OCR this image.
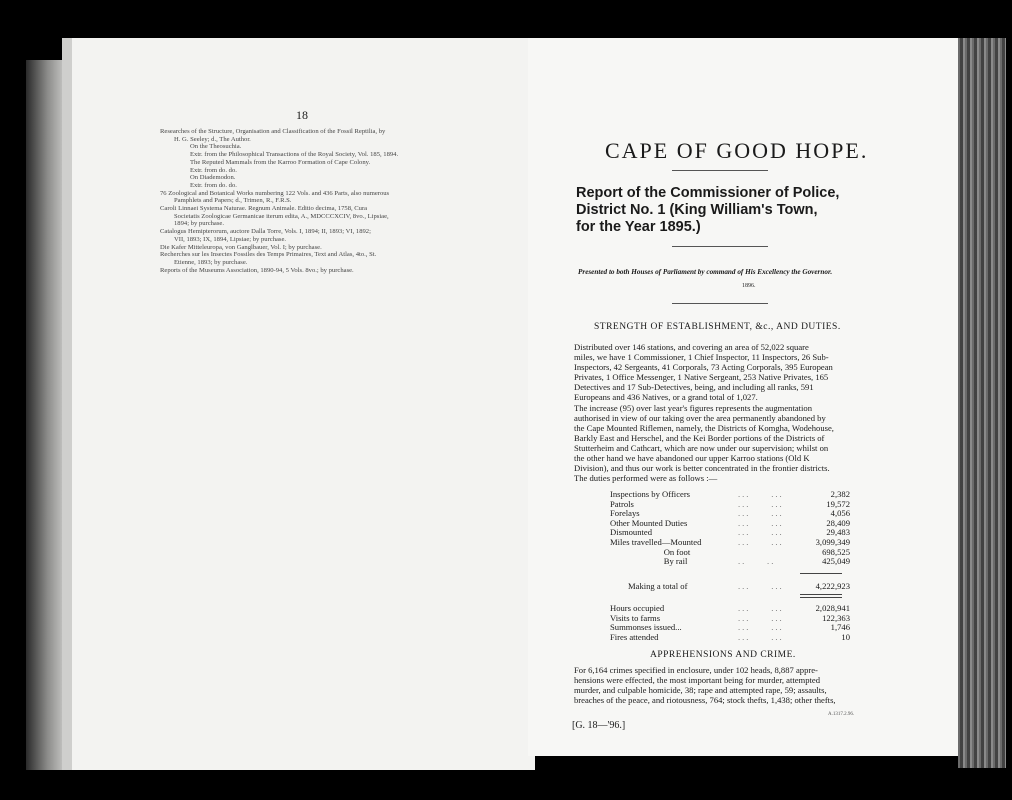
18
Researches of the Structure, Organisation and Classification of the Fossil Reptilia, by
H. G. Seeley; d., The Author.
On the Theosuchia.
Extr. from the Philosophical Transactions of the Royal Society, Vol. 185, 1894.
The Reputed Mammals from the Karroo Formation of Cape Colony.
Extr. from do. do.
On Diademodon.
Extr. from do. do.
76 Zoological and Botanical Works numbering 122 Vols. and 436 Parts, also numerous
Pamphlets and Papers; d., Trimen, R., F.R.S.
Caroli Linnaei Systema Naturae. Regnum Animale. Editio decima, 1758, Cura
Societatis Zoologicae Germanicae iterum edita, A., MDCCCXCIV, 8vo., Lipsiae,
1894; by purchase.
Catalogus Hemipterorum, auctore Dalla Torre, Vols. I, 1894; II, 1893; VI, 1892;
VII, 1893; IX, 1894, Lipsiae; by purchase.
Die Kafer Mitteleuropa, von Ganglbauer, Vol. I; by purchase.
Recherches sur les Insectes Fossiles des Temps Primaires, Text and Atlas, 4to., St.
Etienne, 1893; by purchase.
Reports of the Museums Association, 1890-94, 5 Vols. 8vo.; by purchase.
CAPE OF GOOD HOPE.
Report of the Commissioner of Police,
District No. 1 (King William's Town,
for the Year 1895.)
Presented to both Houses of Parliament by command of His Excellency the Governor.
1896.
STRENGTH OF ESTABLISHMENT, &c., AND DUTIES.
Distributed over 146 stations, and covering an area of 52,022 square
miles, we have 1 Commissioner, 1 Chief Inspector, 11 Inspectors, 26 Sub-
Inspectors, 42 Sergeants, 41 Corporals, 73 Acting Corporals, 395 European
Privates, 1 Office Messenger, 1 Native Sergeant, 253 Native Privates, 165
Detectives and 17 Sub-Detectives, being, and including all ranks, 591
Europeans and 436 Natives, or a grand total of 1,027.
The increase (95) over last year's figures represents the augmentation
authorised in view of our taking over the area permanently abandoned by
the Cape Mounted Riflemen, namely, the Districts of Komgha, Wodehouse,
Barkly East and Herschel, and the Kei Border portions of the Districts of
Stutterheim and Cathcart, which are now under our supervision; whilst on
the other hand we have abandoned our upper Karroo stations (Old K
Division), and thus our work is better concentrated in the frontier districts.
The duties performed were as follows :—
Inspections by Officers	...     ...	2,382
Patrols	...     ...	19,572
Forelays	...     ...	4,056
Other Mounted Duties	...     ...	28,409
Dismounted	...     ...	29,483
Miles travelled—Mounted	...     ...	3,099,349
On foot	698,525
By rail	..     ..	425,049
Making a total of	...     ...	4,222,923
Hours occupied	...     ...	2,028,941
Visits to farms	...     ...	122,363
Summonses issued...	...     ...	1,746
Fires attended	...     ...	10
APPREHENSIONS AND CRIME.
For 6,164 crimes specified in enclosure, under 102 heads, 8,887 appre-
hensions were effected, the most important being for murder, attempted
murder, and culpable homicide, 38; rape and attempted rape, 59; assaults,
breaches of the peace, and riotousness, 764; stock thefts, 1,438; other thefts,
[G. 18—'96.]
A.1317.2.96.
